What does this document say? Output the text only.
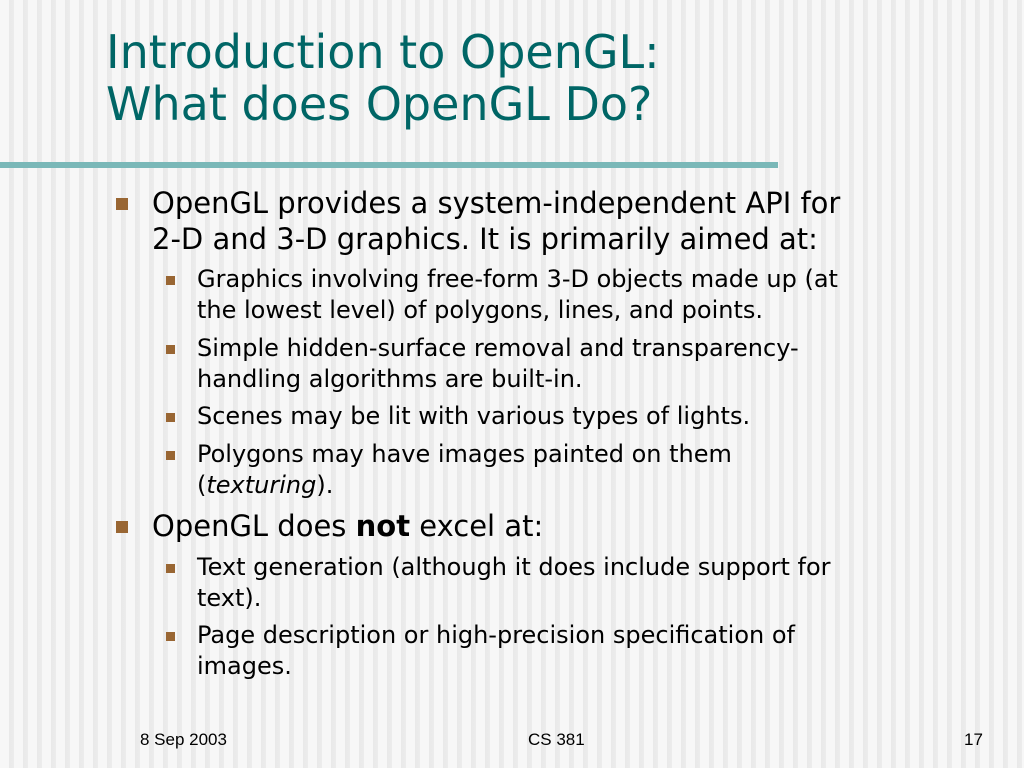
Introduction to OpenGL:
What does OpenGL Do?
OpenGL provides a system-independent API for
2-D and 3-D graphics. It is primarily aimed at:
Graphics involving free-form 3-D objects made up (at
the lowest level) of polygons, lines, and points.
Simple hidden-surface removal and transparency-
handling algorithms are built-in.
Scenes may be lit with various types of lights.
Polygons may have images painted on them
(texturing).
OpenGL does not excel at:
Text generation (although it does include support for
text).
Page description or high-precision specification of
images.
8 Sep 2003	CS 381	17
